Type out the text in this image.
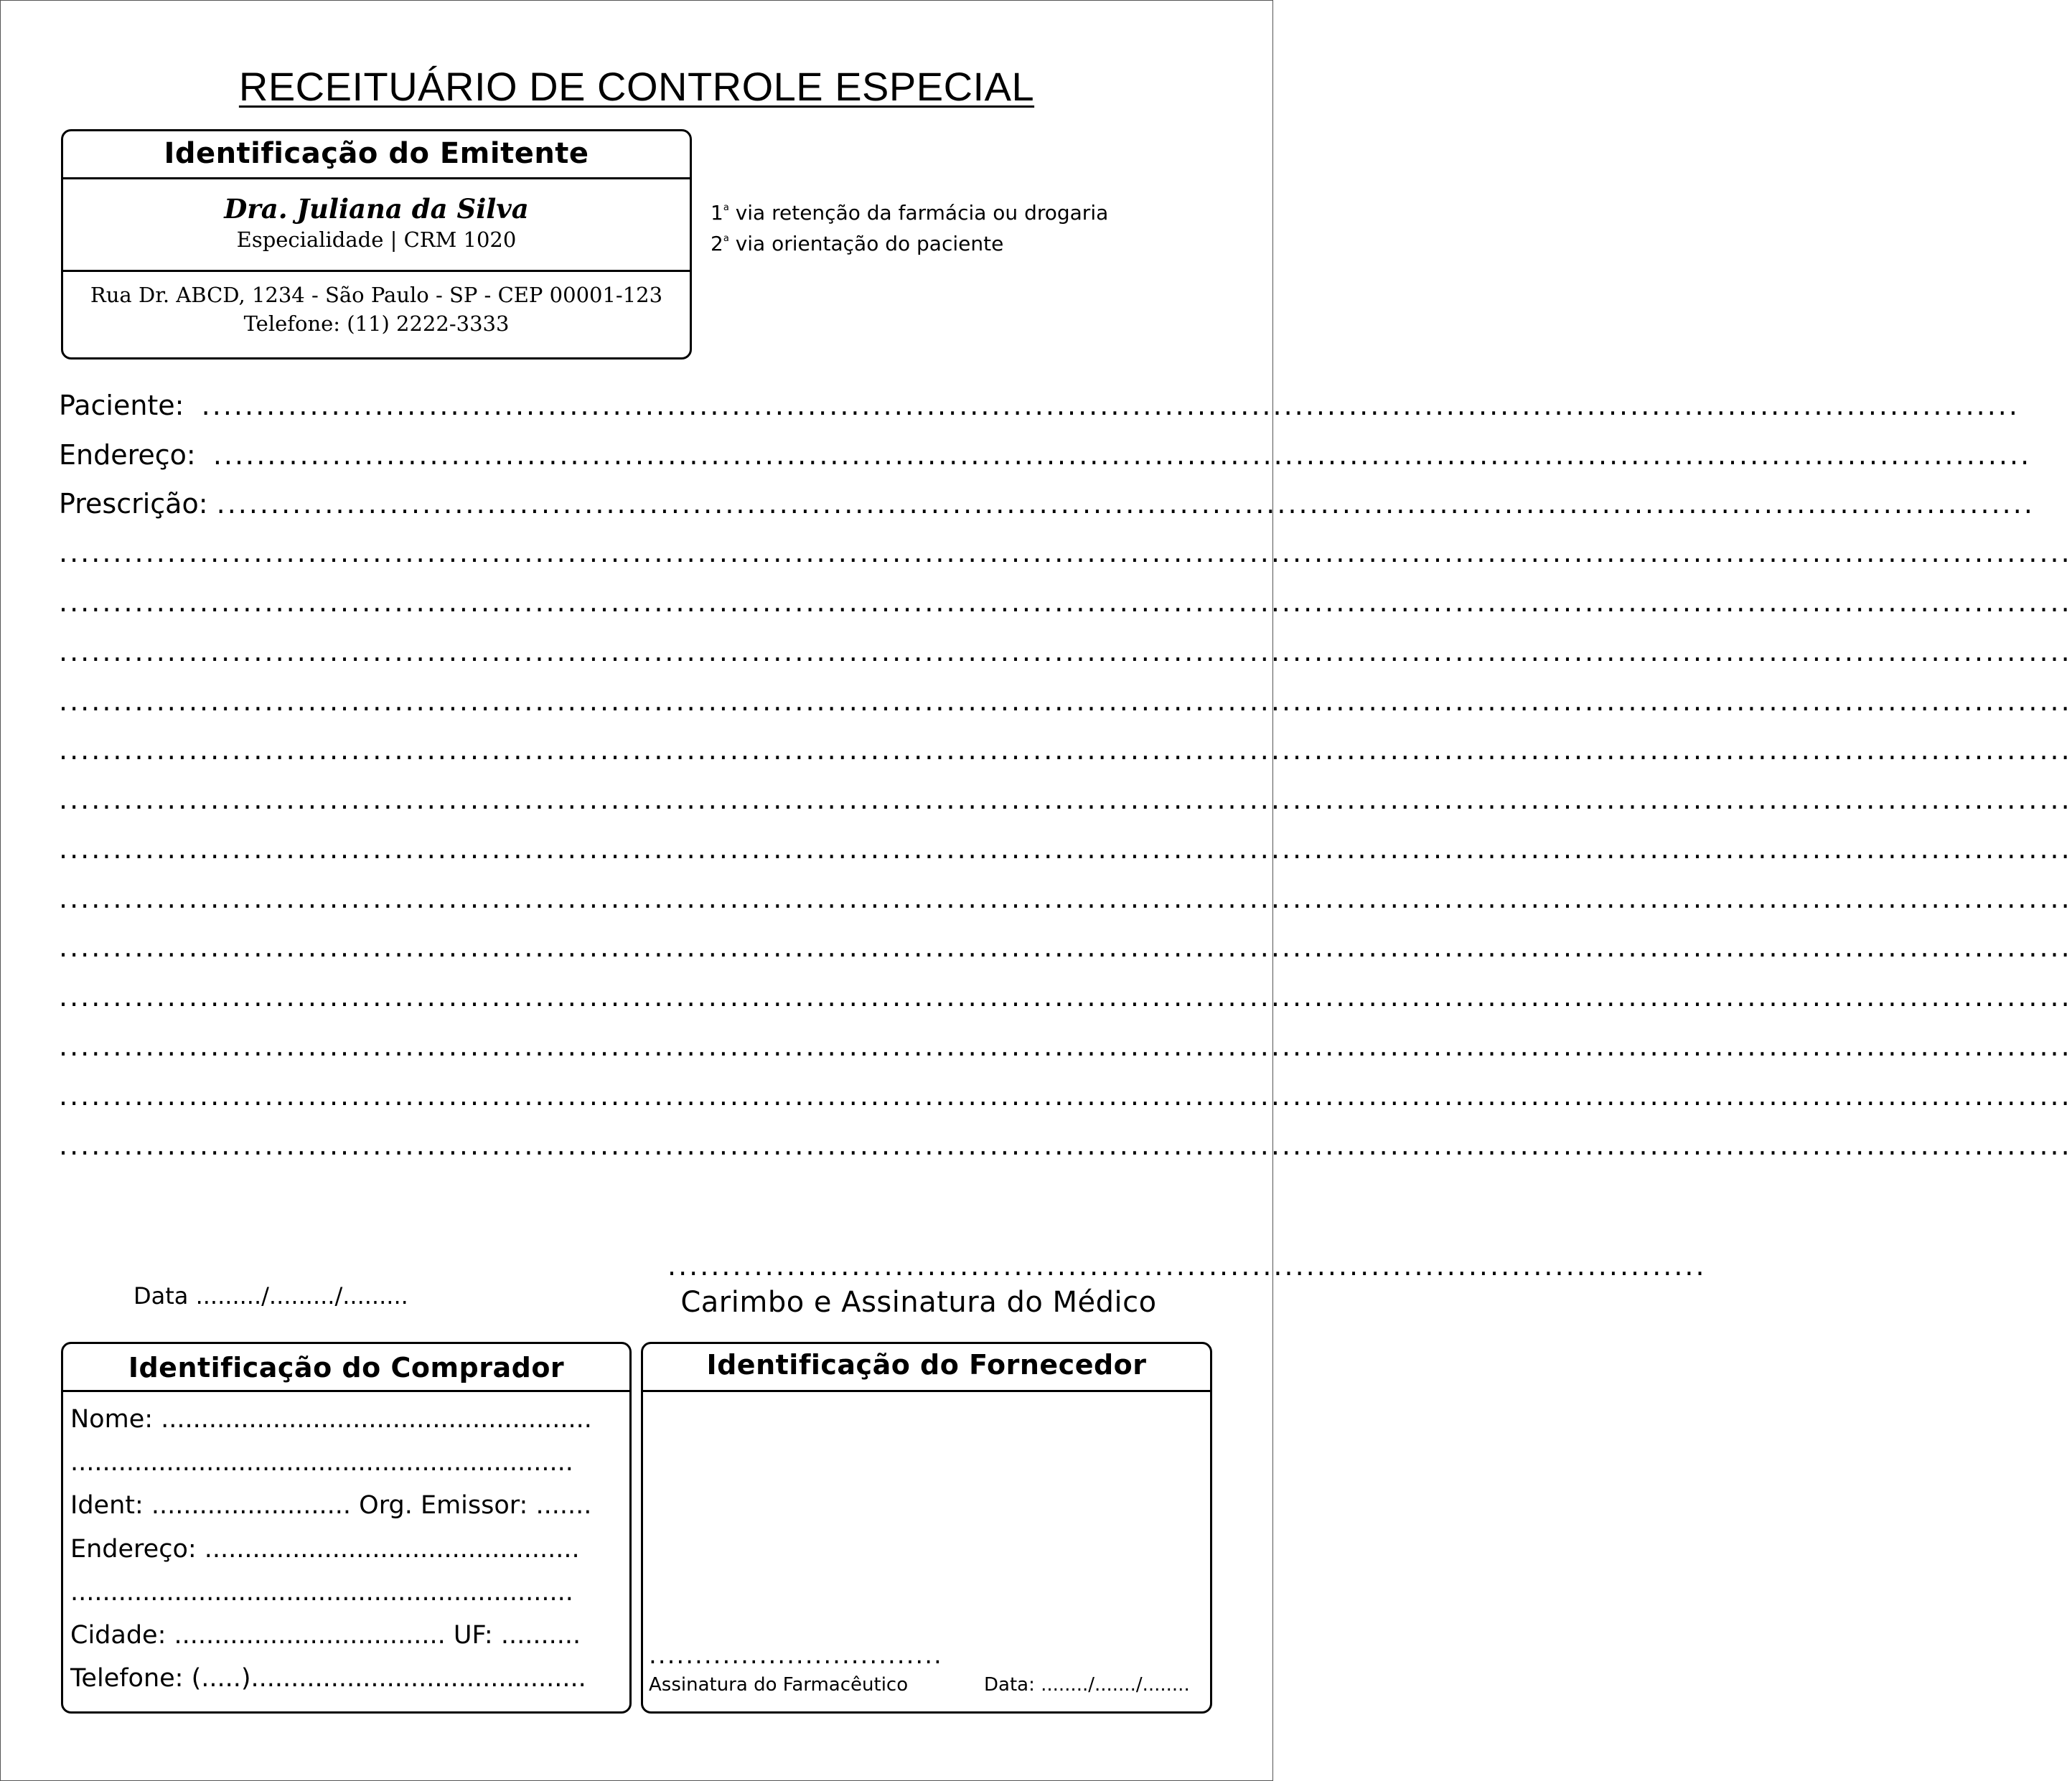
RECEITUÁRIO DE CONTROLE ESPECIAL
Identificação do Emitente
Dra. Juliana da Silva
Especialidade | CRM 1020
Rua Dr. ABCD, 1234 - São Paulo - SP - CEP 00001-123
Telefone: (11) 2222-3333
1$^a$ via retenção da farmácia ou drogaria
2$^a$ via orientação do paciente
Paciente:   .....
Endereço:   .....
Prescrição:  .....
..........................................................................................................................................................................................
..........................................................................................................................................................................................
..........................................................................................................................................................................................
..........................................................................................................................................................................................
..........................................................................................................................................................................................
..........................................................................................................................................................................................
..........................................................................................................................................................................................
..........................................................................................................................................................................................
..........................................................................................................................................................................................
..........................................................................................................................................................................................
..........................................................................................................................................................................................
..........................................................................................................................................................................................
..........................................................................................................................................................................................
Data ........./........./.........
................................................................................................
Carimbo e Assinatura do Médico
Identificação do Comprador
Nome: ......................................................
...............................................................
Ident: ......................... Org. Emissor: .......
Endereço: ...............................................
...............................................................
Cidade: .................................. UF: ..........
Telefone: (.....)..........................................
Identificação do Fornecedor
................................
Assinatura do Farmacêutico	Data: ......../......./........
